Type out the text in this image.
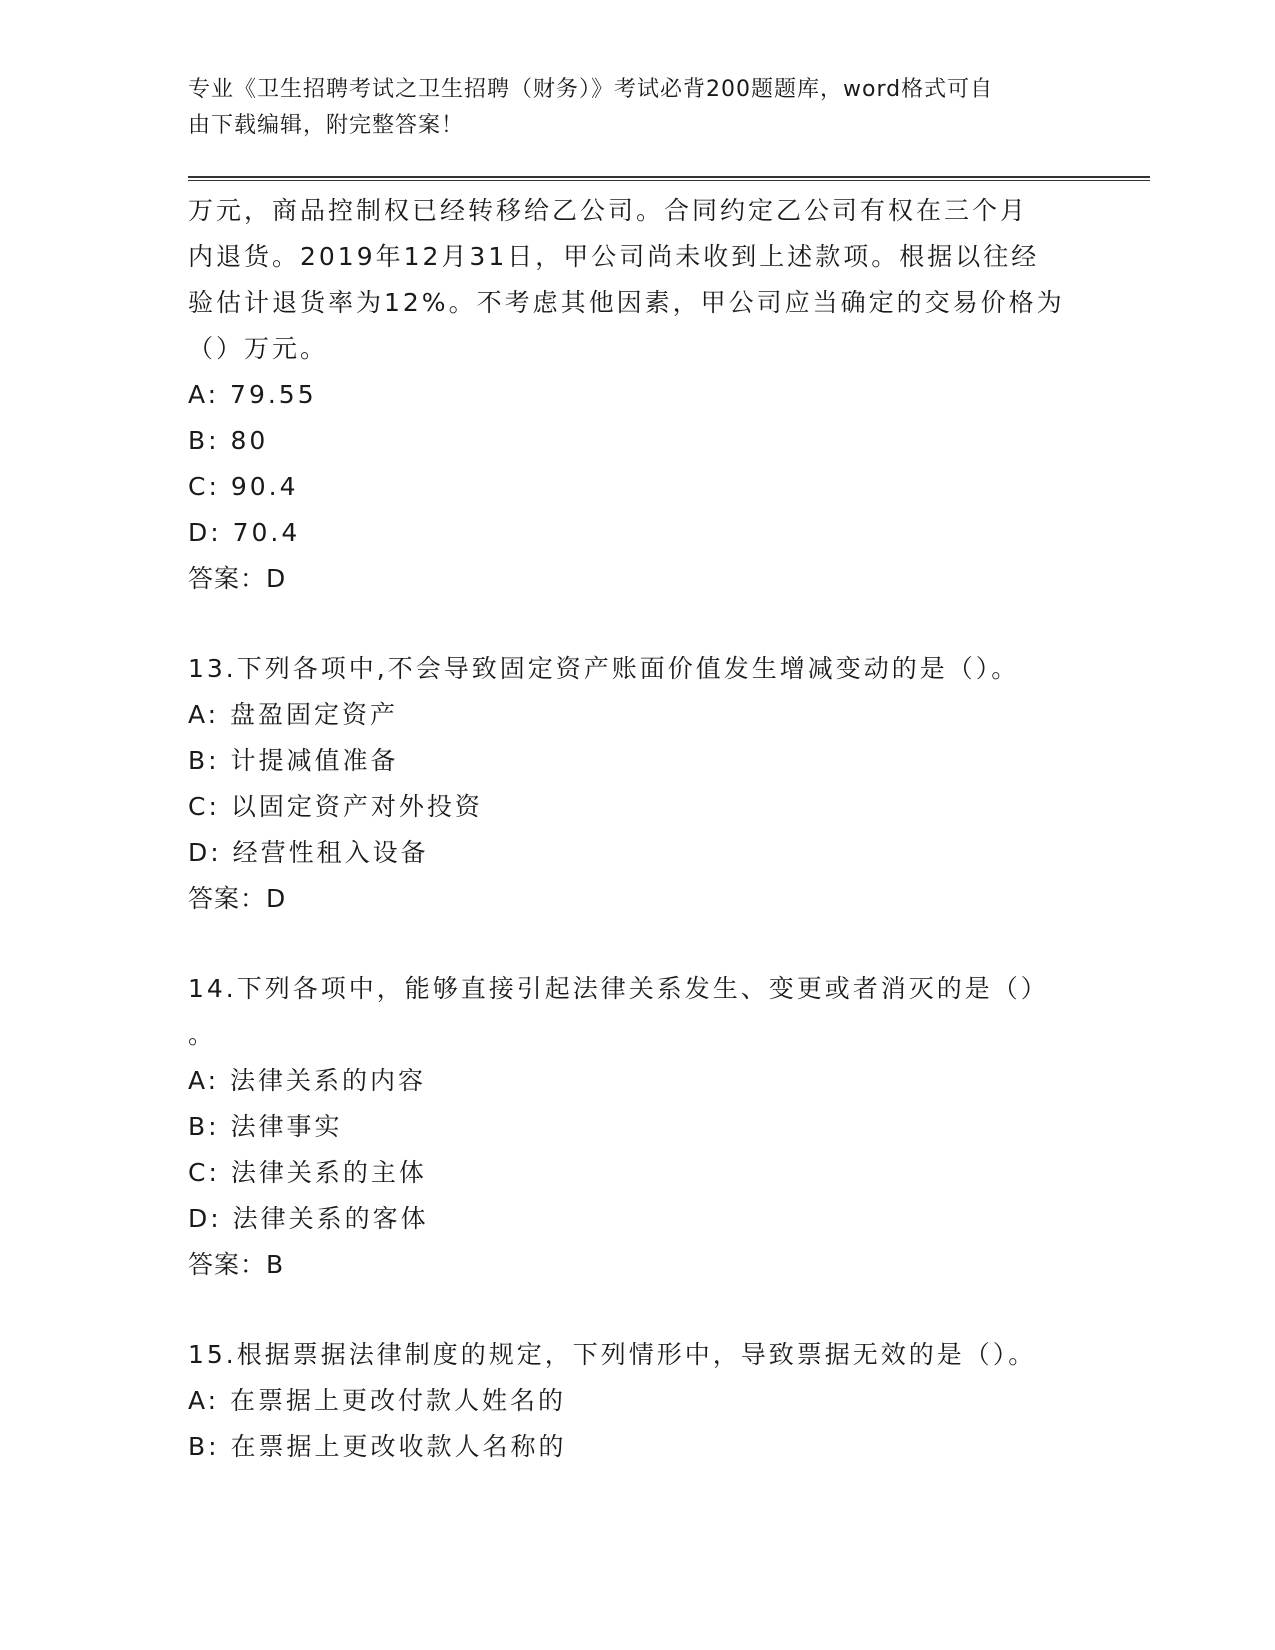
专业《卫生招聘考试之卫生招聘（财务）》考试必背200题题库，word格式可自
由下载编辑，附完整答案！
万元，商品控制权已经转移给乙公司。合同约定乙公司有权在三个月
内退货。2019年12月31日，甲公司尚未收到上述款项。根据以往经
验估计退货率为12%。不考虑其他因素，甲公司应当确定的交易价格为
（）万元。
A: 79.55
B: 80
C: 90.4
D: 70.4
答案：D
13.下列各项中,不会导致固定资产账面价值发生增减变动的是（）。
A: 盘盈固定资产
B: 计提减值准备
C: 以固定资产对外投资
D: 经营性租入设备
答案：D
14.下列各项中，能够直接引起法律关系发生、变更或者消灭的是（）
。
A: 法律关系的内容
B: 法律事实
C: 法律关系的主体
D: 法律关系的客体
答案：B
15.根据票据法律制度的规定，下列情形中，导致票据无效的是（）。
A: 在票据上更改付款人姓名的
B: 在票据上更改收款人名称的
